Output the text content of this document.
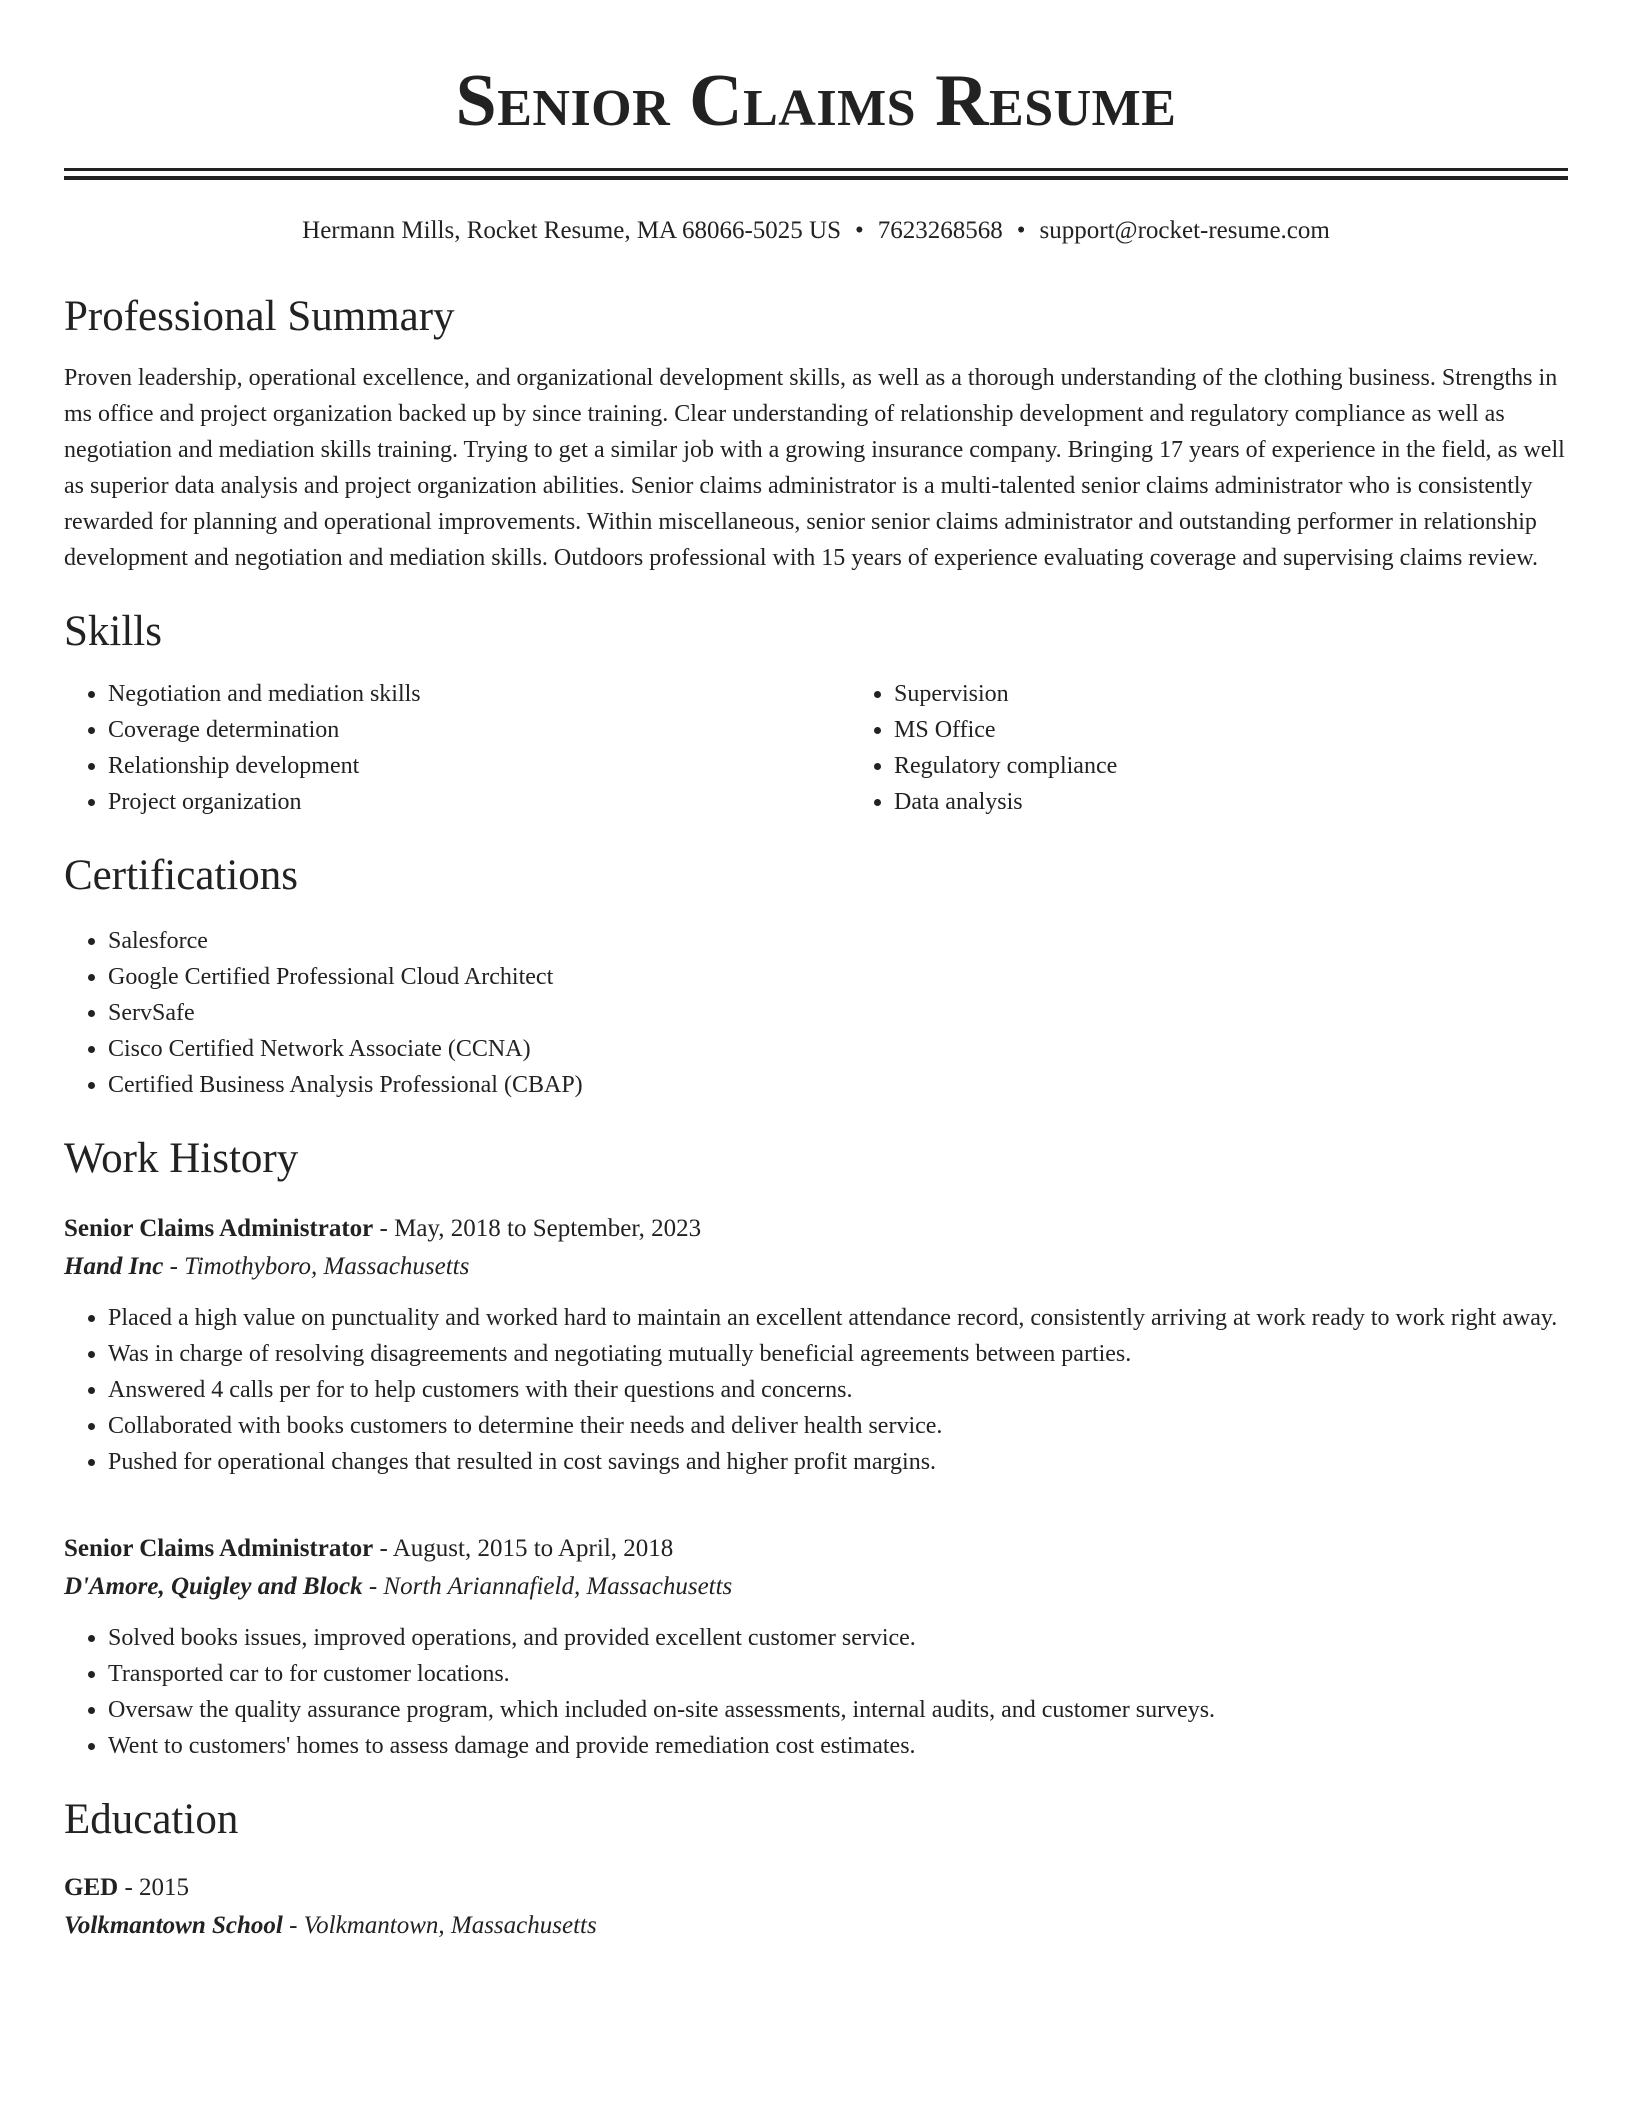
Senior Claims Resume
Hermann Mills, Rocket Resume, MA 68066-5025 US • 7623268568 • support@rocket-resume.com
Professional Summary

Proven leadership, operational excellence, and organizational development skills, as well as a thorough understanding of the clothing business. Strengths in ms office and project organization backed up by since training. Clear understanding of relationship development and regulatory compliance as well as negotiation and mediation skills training. Trying to get a similar job with a growing insurance company. Bringing 17 years of experience in the field, as well as superior data analysis and project organization abilities. Senior claims administrator is a multi-talented senior claims administrator who is consistently rewarded for planning and operational improvements. Within miscellaneous, senior senior claims administrator and outstanding performer in relationship development and negotiation and mediation skills. Outdoors professional with 15 years of experience evaluating coverage and supervising claims review.

Skills
• Negotiation and mediation skills
• Coverage determination
• Relationship development
• Project organization
• Supervision
• MS Office
• Regulatory compliance
• Data analysis
Certifications
• Salesforce
• Google Certified Professional Cloud Architect
• ServSafe
• Cisco Certified Network Associate (CCNA)
• Certified Business Analysis Professional (CBAP)
Work History
Senior Claims Administrator - May, 2018 to September, 2023
Hand Inc - Timothyboro, Massachusetts
• Placed a high value on punctuality and worked hard to maintain an excellent attendance record, consistently arriving at work ready to work right away.
• Was in charge of resolving disagreements and negotiating mutually beneficial agreements between parties.
• Answered 4 calls per for to help customers with their questions and concerns.
• Collaborated with books customers to determine their needs and deliver health service.
• Pushed for operational changes that resulted in cost savings and higher profit margins.
Senior Claims Administrator - August, 2015 to April, 2018
D'Amore, Quigley and Block - North Ariannafield, Massachusetts
• Solved books issues, improved operations, and provided excellent customer service.
• Transported car to for customer locations.
• Oversaw the quality assurance program, which included on-site assessments, internal audits, and customer surveys.
• Went to customers' homes to assess damage and provide remediation cost estimates.
Education
GED - 2015
Volkmantown School - Volkmantown, Massachusetts
